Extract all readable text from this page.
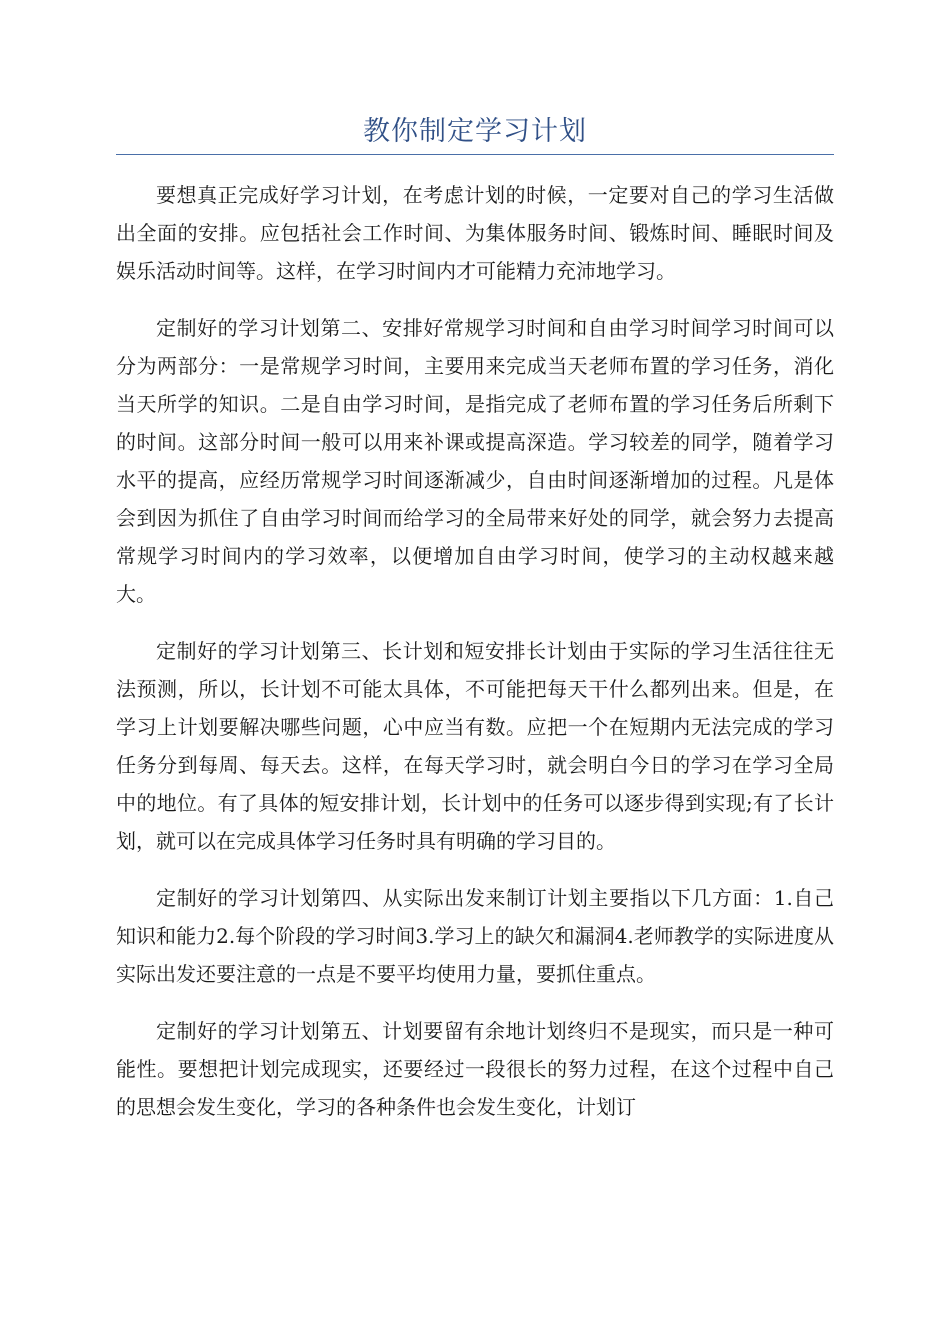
教你制定学习计划

要想真正完成好学习计划，在考虑计划的时候，一定要对自己的学习生活做出全面的安排。应包括社会工作时间、为集体服务时间、锻炼时间、睡眠时间及娱乐活动时间等。这样，在学习时间内才可能精力充沛地学习。

定制好的学习计划第二、安排好常规学习时间和自由学习时间学习时间可以分为两部分：一是常规学习时间，主要用来完成当天老师布置的学习任务，消化当天所学的知识。二是自由学习时间，是指完成了老师布置的学习任务后所剩下的时间。这部分时间一般可以用来补课或提高深造。学习较差的同学，随着学习水平的提高，应经历常规学习时间逐渐减少，自由时间逐渐增加的过程。凡是体会到因为抓住了自由学习时间而给学习的全局带来好处的同学，就会努力去提高常规学习时间内的学习效率，以便增加自由学习时间，使学习的主动权越来越大。

定制好的学习计划第三、长计划和短安排长计划由于实际的学习生活往往无法预测，所以，长计划不可能太具体，不可能把每天干什么都列出来。但是，在学习上计划要解决哪些问题，心中应当有数。应把一个在短期内无法完成的学习任务分到每周、每天去。这样，在每天学习时，就会明白今日的学习在学习全局中的地位。有了具体的短安排计划，长计划中的任务可以逐步得到实现;有了长计划，就可以在完成具体学习任务时具有明确的学习目的。

定制好的学习计划第四、从实际出发来制订计划主要指以下几方面：1.自己知识和能力2.每个阶段的学习时间3.学习上的缺欠和漏洞4.老师教学的实际进度从实际出发还要注意的一点是不要平均使用力量，要抓住重点。

定制好的学习计划第五、计划要留有余地计划终归不是现实，而只是一种可能性。要想把计划完成现实，还要经过一段很长的努力过程，在这个过程中自己的思想会发生变化，学习的各种条件也会发生变化，计划订
